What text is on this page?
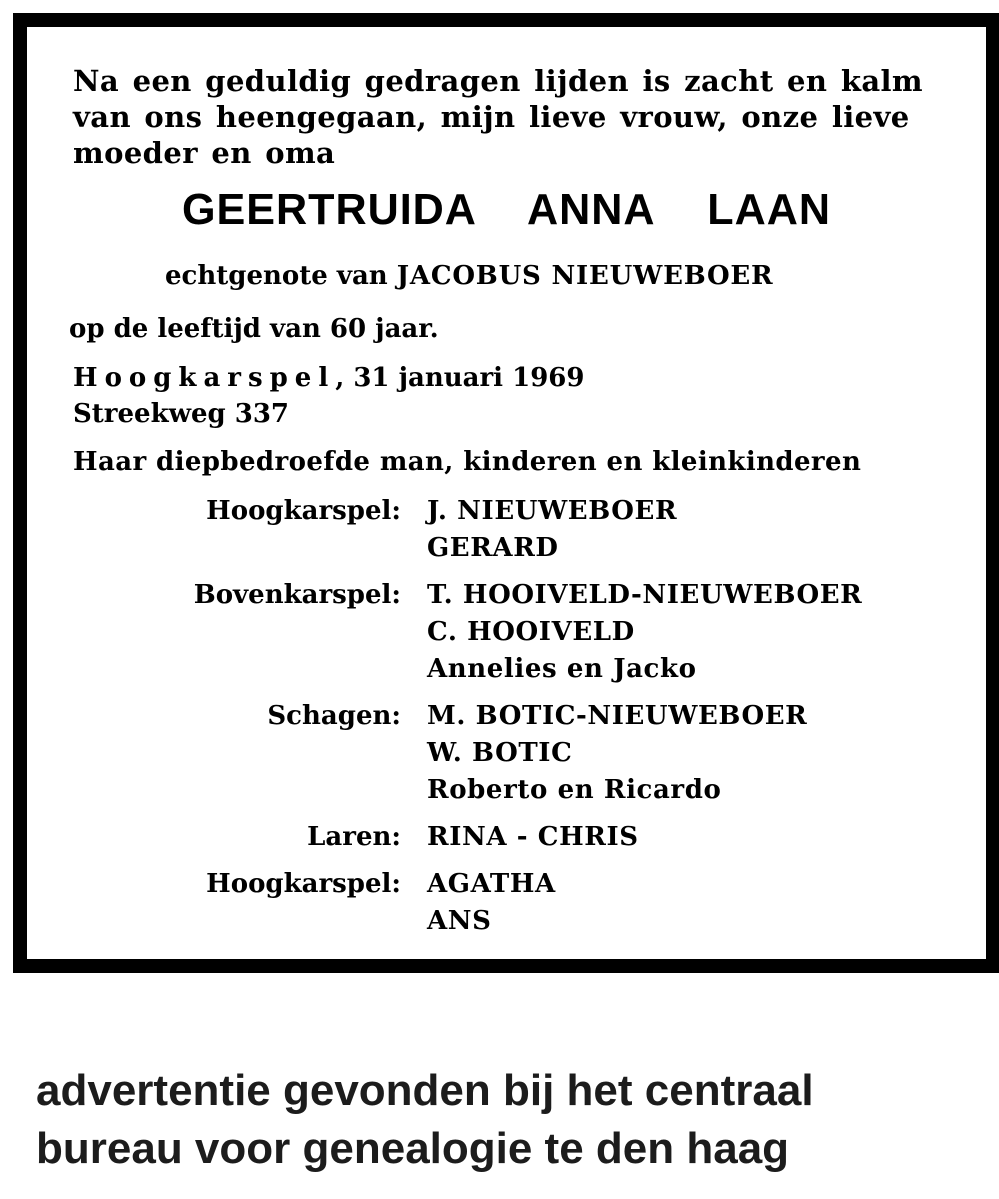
Na een geduldig gedragen lijden is zacht en kalm
van ons heengegaan, mijn lieve vrouw, onze lieve
moeder en oma
GEERTRUIDA  ANNA  LAAN
echtgenote van JACOBUS NIEUWEBOER
op de leeftijd van 60 jaar.
Hoogkarspel, 31 januari 1969
Streekweg 337
Haar diepbedroefde man, kinderen en kleinkinderen
Hoogkarspel: J. NIEUWEBOER
GERARD
Bovenkarspel: T. HOOIVELD-NIEUWEBOER
C. HOOIVELD
Annelies en Jacko
Schagen: M. BOTIC-NIEUWEBOER
W. BOTIC
Roberto en Ricardo
Laren: RINA - CHRIS
Hoogkarspel: AGATHA
ANS
advertentie gevonden bij het centraal
bureau voor genealogie te den haag
